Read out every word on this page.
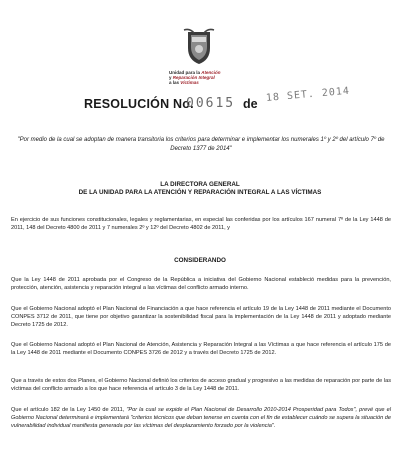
Unidad para la Atención
y Reparación Integral
a las Víctimas
RESOLUCIÓN No.
00615 de
18 SET. 2014
"Por medio de la cual se adoptan de manera transitoria los criterios para determinar e implementar los numerales 1º y 2º del artículo 7º de Decreto 1377 de 2014"
LA DIRECTORA GENERAL
DE LA UNIDAD PARA LA ATENCIÓN Y REPARACIÓN INTEGRAL A LAS VÍCTIMAS
En ejercicio de sus funciones constitucionales, legales y reglamentarias, en especial las conferidas por los artículos 167 numeral 7º de la Ley 1448 de 2011, 148 del Decreto 4800 de 2011 y 7 numerales 2º y 12º del Decreto 4802 de 2011, y
CONSIDERANDO
Que la Ley 1448 de 2011 aprobada por el Congreso de la República a iniciativa del Gobierno Nacional estableció medidas para la prevención, protección, atención, asistencia y reparación integral a las víctimas del conflicto armado interno.
Que el Gobierno Nacional adoptó el Plan Nacional de Financiación a que hace referencia el artículo 19 de la Ley 1448 de 2011 mediante el Documento CONPES 3712 de 2011, que tiene por objetivo garantizar la sostenibilidad fiscal para la implementación de la Ley 1448 de 2011 y adoptado mediante Decreto 1725 de 2012.
Que el Gobierno Nacional adoptó el Plan Nacional de Atención, Asistencia y Reparación Integral a las Víctimas a que hace referencia el artículo 175 de la Ley 1448 de 2011 mediante el Documento CONPES 3726 de 2012 y a través del Decreto 1725 de 2012.
Que a través de estos dos Planes, el Gobierno Nacional definió los criterios de acceso gradual y progresivo a las medidas de reparación por parte de las víctimas del conflicto armado a los que hace referencia el artículo 3 de la Ley 1448 de 2011.
Que el artículo 182 de la Ley 1450 de 2011, "Por la cual se expide el Plan Nacional de Desarrollo 2010-2014 Prosperidad para Todos", prevé que el Gobierno Nacional determinará e implementará "criterios técnicos que deban tenerse en cuenta con el fin de establecer cuándo se supera la situación de vulnerabilidad individual manifiesta generada por las víctimas del desplazamiento forzado por la violencia".
